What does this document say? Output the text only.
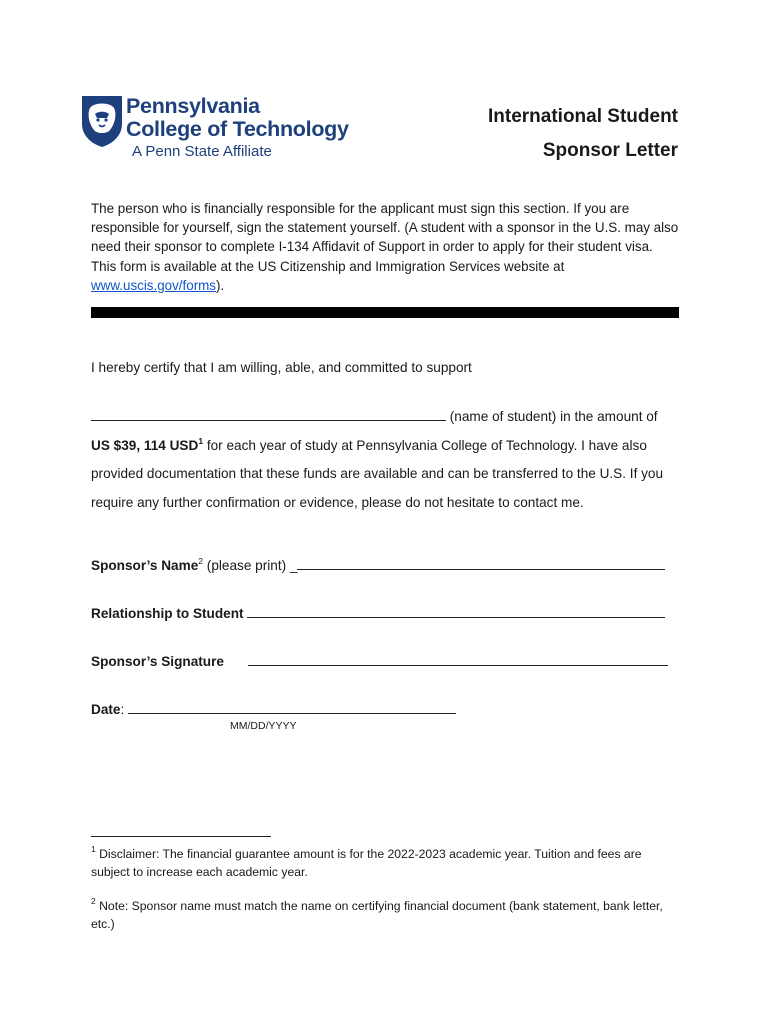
Pennsylvania
College of Technology
A Penn State Affiliate
International Student
Sponsor Letter
The person who is financially responsible for the applicant must sign this section. If you are responsible for yourself, sign the statement yourself. (A student with a sponsor in the U.S. may also need their sponsor to complete I-134 Affidavit of Support in order to apply for their student visa. This form is available at the US Citizenship and Immigration Services website at www.uscis.gov/forms).
I hereby certify that I am willing, able, and committed to support
(name of student) in the amount of
US $39, 114 USD$^1$ for each year of study at Pennsylvania College of Technology. I have also provided documentation that these funds are available and can be transferred to the U.S. If you require any further confirmation or evidence, please do not hesitate to contact me.
Sponsor’s Name$^2$ (please print) _
Relationship to Student
Sponsor’s Signature
Date:
MM/DD/YYYY
$^1$ Disclaimer: The financial guarantee amount is for the 2022-2023 academic year. Tuition and fees are subject to increase each academic year.
$^2$ Note: Sponsor name must match the name on certifying financial document (bank statement, bank letter, etc.)
